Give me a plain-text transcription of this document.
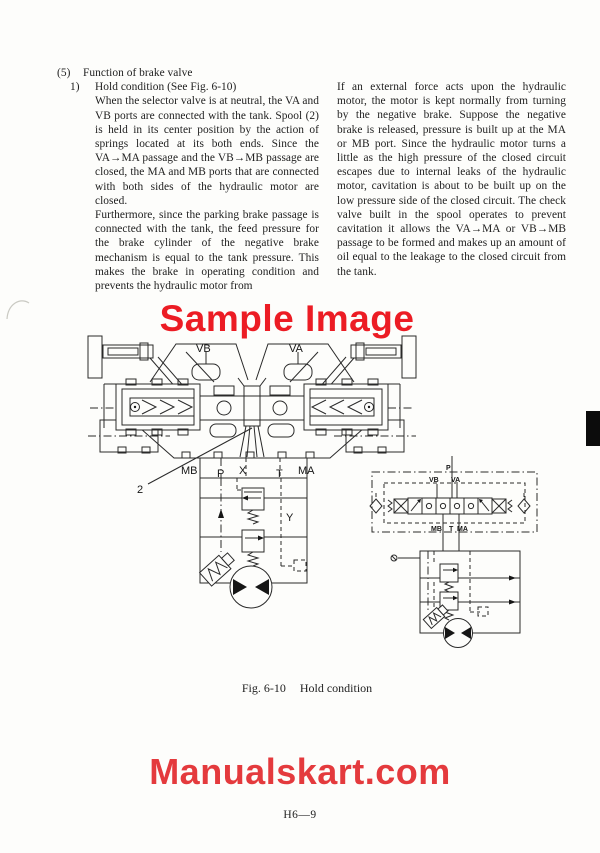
(5)	Function of brake valve
1)	Hold condition (See Fig. 6-10)
When the selector valve is at neutral, the VA and VB ports are connected with the tank. Spool (2) is held in its center position by the action of springs located at its both ends. Since the VA→MA passage and the VB→MB passage are closed, the MA and MB ports that are connected with both sides of the hydraulic motor are closed.
Furthermore, since the parking brake passage is connected with the tank, the feed pressure for the brake cylinder of the negative brake mechanism is equal to the tank pressure. This makes the brake in operating condition and prevents the hydraulic motor from
If an external force acts upon the hydraulic motor, the motor is kept normally from turning by the negative brake. Suppose the negative brake is released, pressure is built up at the MA or MB port. Since the hydraulic motor turns a little as the high pressure of the closed circuit escapes due to internal leaks of the hydraulic motor, cavitation is about to be built up on the low pressure side of the closed circuit. The check valve built in the spool operates to prevent cavitation it allows the VA→MA or VB→MB passage to be formed and makes up an amount of oil equal to the leakage to the closed circuit from the tank.
Sample Image
VB	VA
MB P X	T MA
2
Y
P
VB VA
MB T MA
Fig. 6-10 Hold condition
Manualskart.com
H6—9
